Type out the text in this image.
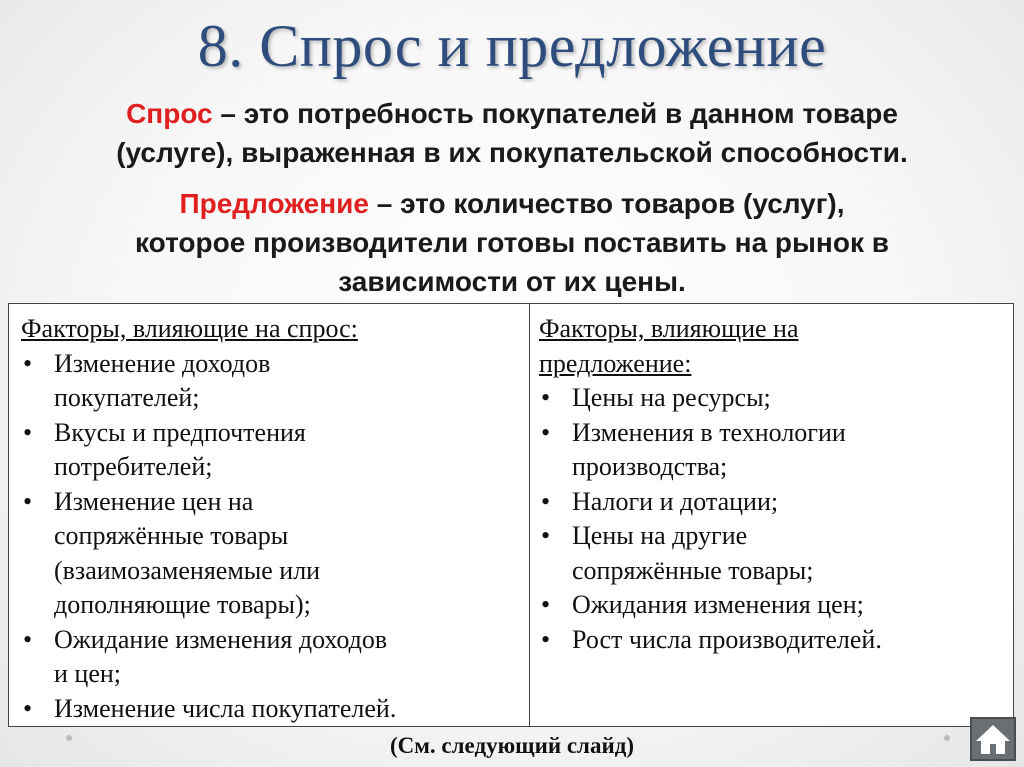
8. Спрос и предложение
Спрос – это потребность покупателей в данном товаре
(услуге), выраженная в их покупательской способности.
Предложение – это количество товаров (услуг),
которое производители готовы поставить на рынок в
зависимости от их цены.
Факторы, влияющие на спрос:
• Изменение доходов
покупателей;
• Вкусы и предпочтения
потребителей;
• Изменение цен на
сопряжённые товары
(взаимозаменяемые или
дополняющие товары);
• Ожидание изменения доходов
и цен;
• Изменение числа покупателей.
Факторы, влияющие на
предложение:
• Цены на ресурсы;
• Изменения в технологии
производства;
• Налоги и дотации;
• Цены на другие
сопряжённые товары;
• Ожидания изменения цен;
• Рост числа производителей.
(См. следующий слайд)
